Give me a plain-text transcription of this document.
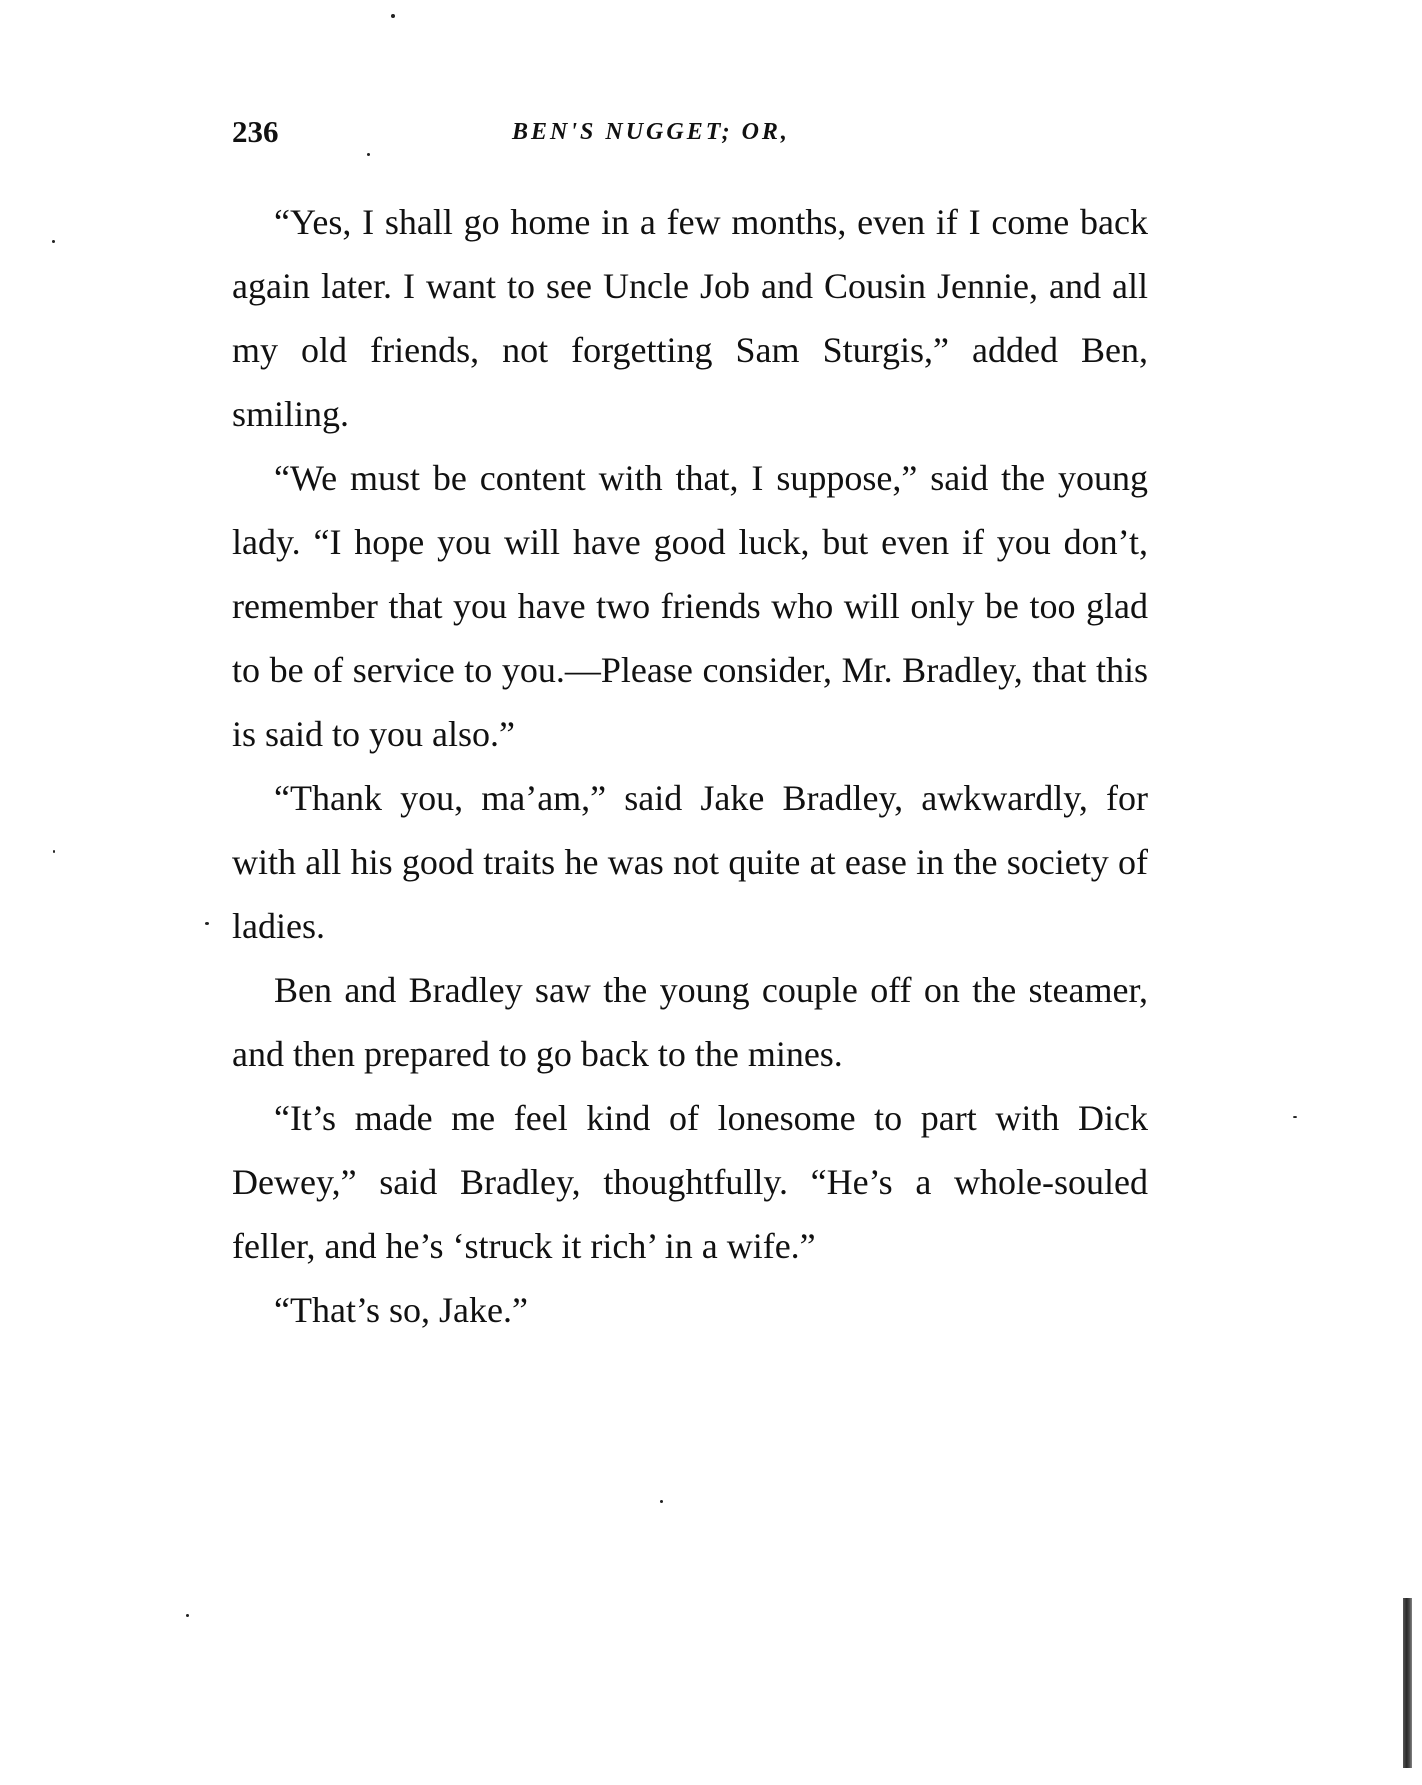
236	BEN'S NUGGET; OR,

“Yes, I shall go home in a few months, even if I come back again later. I want to see Uncle Job and Cousin Jennie, and all my old friends, not forgetting Sam Sturgis,” added Ben, smiling.

“We must be content with that, I suppose,” said the young lady. “I hope you will have good luck, but even if you don’t, remember that you have two friends who will only be too glad to be of service to you.—Please consider, Mr. Bradley, that this is said to you also.”

“Thank you, ma’am,” said Jake Bradley, awkwardly, for with all his good traits he was not quite at ease in the society of ladies.

Ben and Bradley saw the young couple off on the steamer, and then prepared to go back to the mines.

“It’s made me feel kind of lonesome to part with Dick Dewey,” said Bradley, thoughtfully. “He’s a whole-souled feller, and he’s ‘struck it rich’ in a wife.”

“That’s so, Jake.”
